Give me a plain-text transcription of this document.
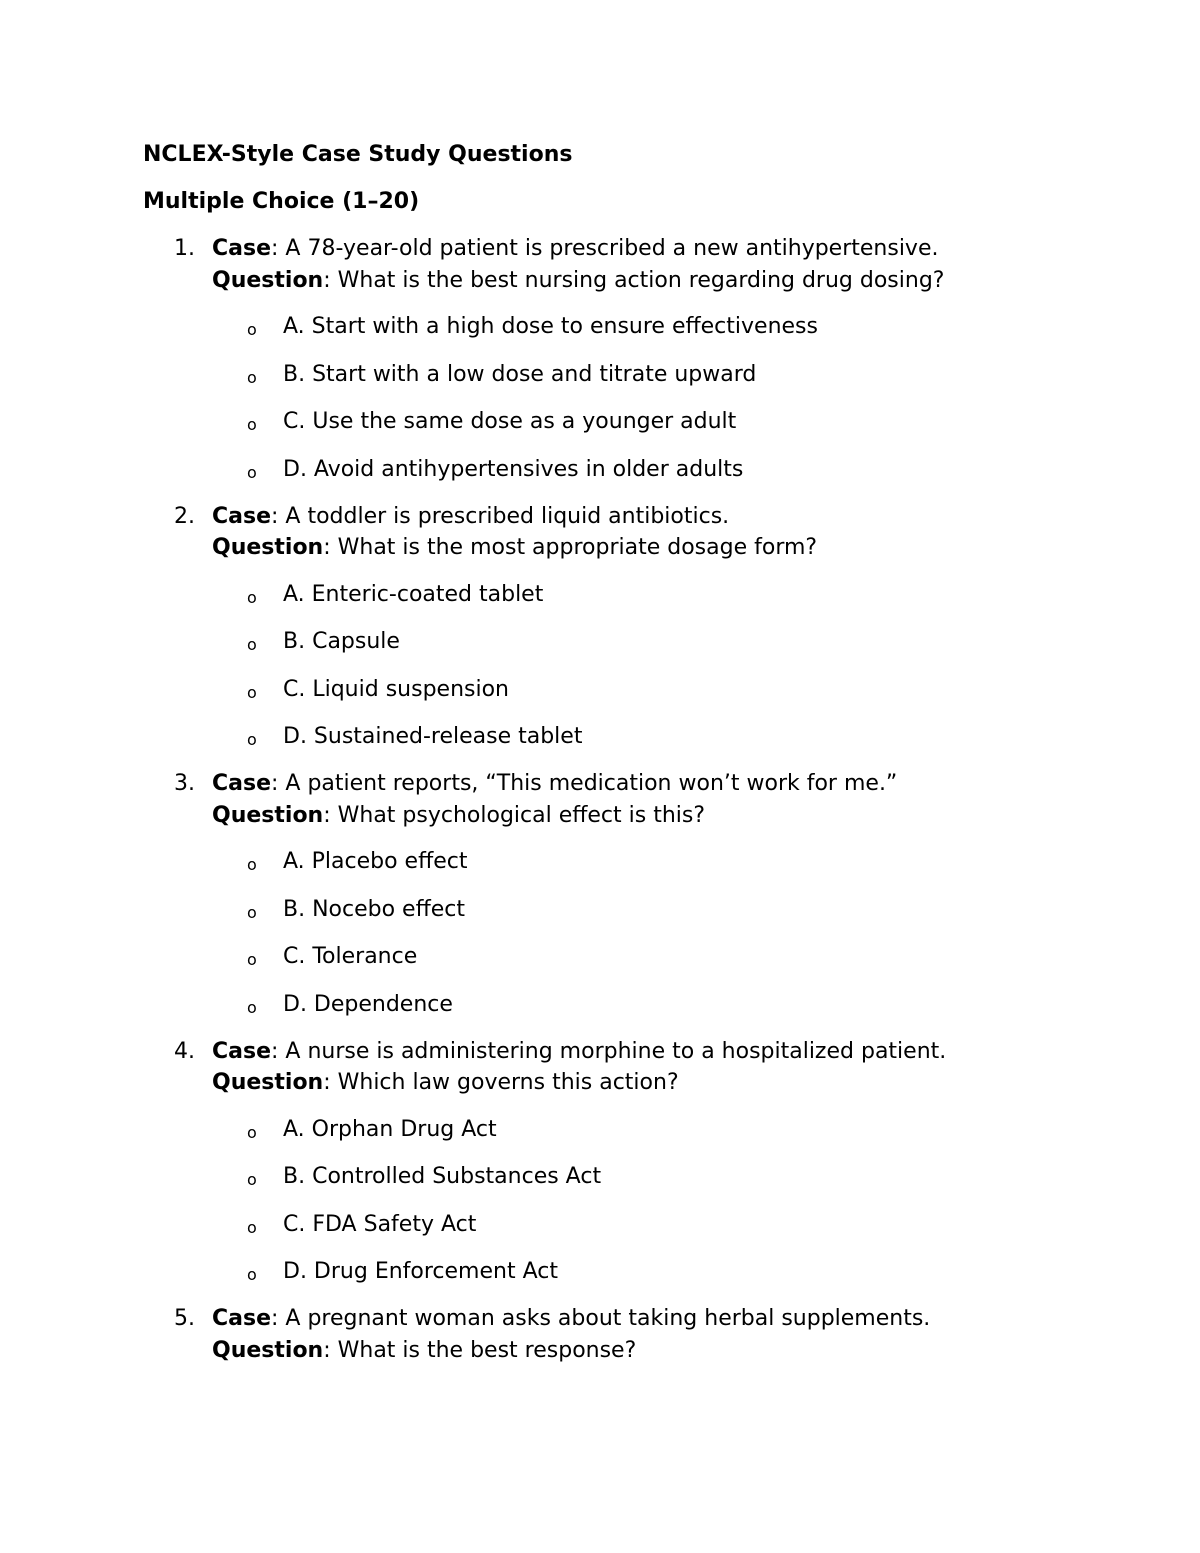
NCLEX-Style Case Study Questions
Multiple Choice (1–20)
1. Case: A 78-year-old patient is prescribed a new antihypertensive.
Question: What is the best nursing action regarding drug dosing?
o A. Start with a high dose to ensure effectiveness
o B. Start with a low dose and titrate upward
o C. Use the same dose as a younger adult
o D. Avoid antihypertensives in older adults
2. Case: A toddler is prescribed liquid antibiotics.
Question: What is the most appropriate dosage form?
o A. Enteric-coated tablet
o B. Capsule
o C. Liquid suspension
o D. Sustained-release tablet
3. Case: A patient reports, “This medication won’t work for me.”
Question: What psychological effect is this?
o A. Placebo effect
o B. Nocebo effect
o C. Tolerance
o D. Dependence
4. Case: A nurse is administering morphine to a hospitalized patient.
Question: Which law governs this action?
o A. Orphan Drug Act
o B. Controlled Substances Act
o C. FDA Safety Act
o D. Drug Enforcement Act
5. Case: A pregnant woman asks about taking herbal supplements.
Question: What is the best response?
